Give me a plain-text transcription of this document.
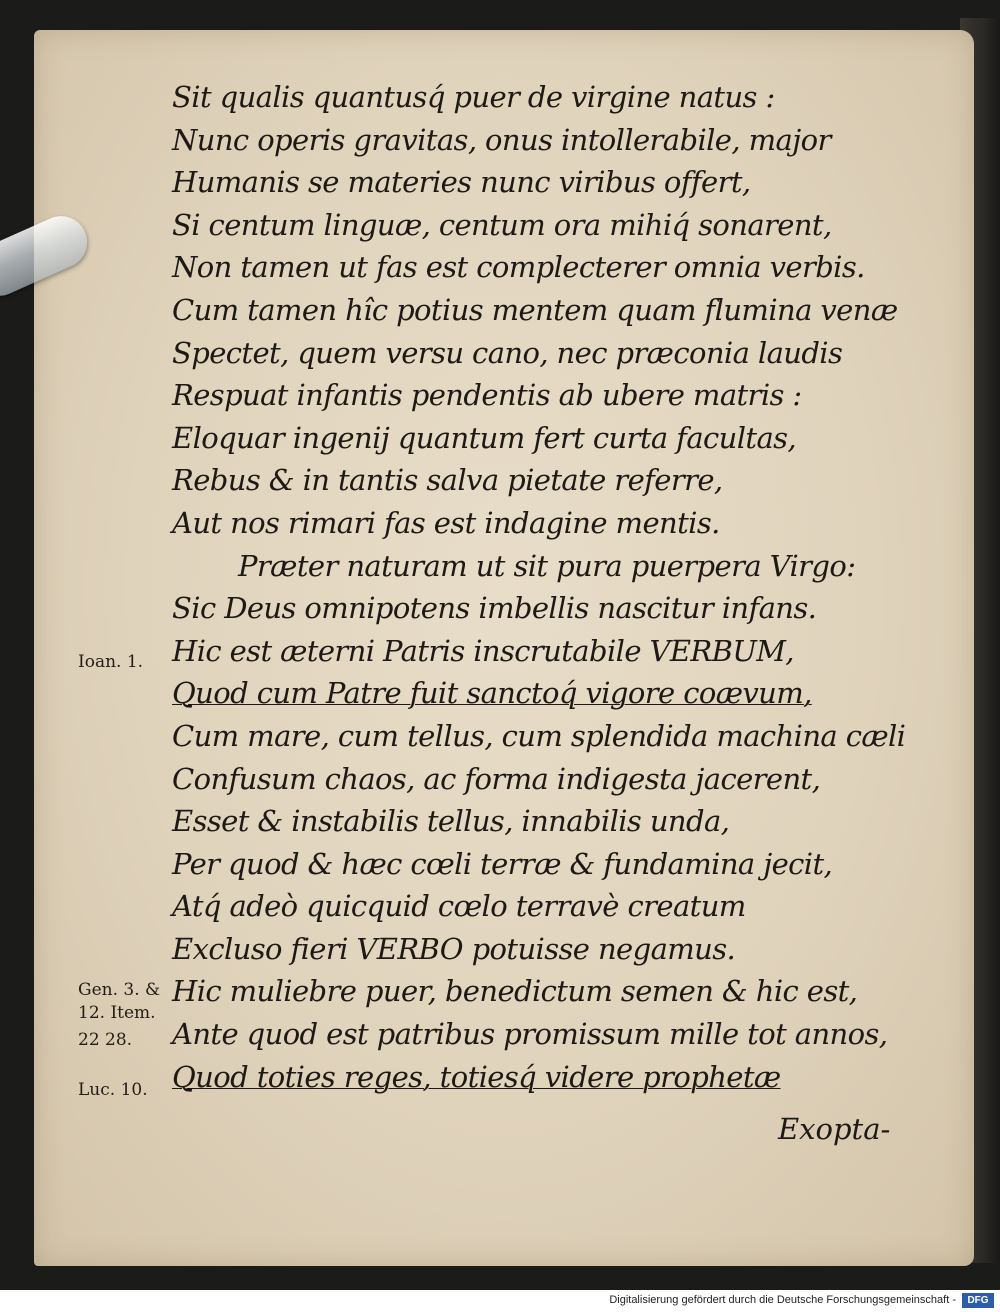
Sit qualis quantusq́ puer de virgine natus :
Nunc operis gravitas, onus intollerabile, major
Humanis se materies nunc viribus offert,
Si centum linguæ, centum ora mihiq́ sonarent,
Non tamen ut fas est complecterer omnia verbis.
Cum tamen hîc potius mentem quam flumina venæ
Spectet, quem versu cano, nec præconia laudis
Respuat infantis pendentis ab ubere matris :
Eloquar ingenij quantum fert curta facultas,
Rebus & in tantis salva pietate referre,
Aut nos rimari fas est indagine mentis.
Præter naturam ut sit pura puerpera Virgo:
Sic Deus omnipotens imbellis nascitur infans.
Hic est æterni Patris inscrutabile VERBUM,
Quod cum Patre fuit sanctoq́ vigore coævum,
Cum mare, cum tellus, cum splendida machina cæli
Confusum chaos, ac forma indigesta jacerent,
Esset & instabilis tellus, innabilis unda,
Per quod & hæc cœli terræ & fundamina jecit,
Atq́ adeò quicquid cœlo terravè creatum
Excluso fieri VERBO potuisse negamus.
Hic muliebre puer, benedictum semen & hic est,
Ante quod est patribus promissum mille tot annos,
Quod toties reges, totiesq́ videre prophetæ
Ioan. 1.
Gen. 3. &
12. Item.
22 28.
Luc. 10.
Exopta-
Digitalisierung gefördert durch die Deutsche Forschungsgemeinschaft -	DFG
